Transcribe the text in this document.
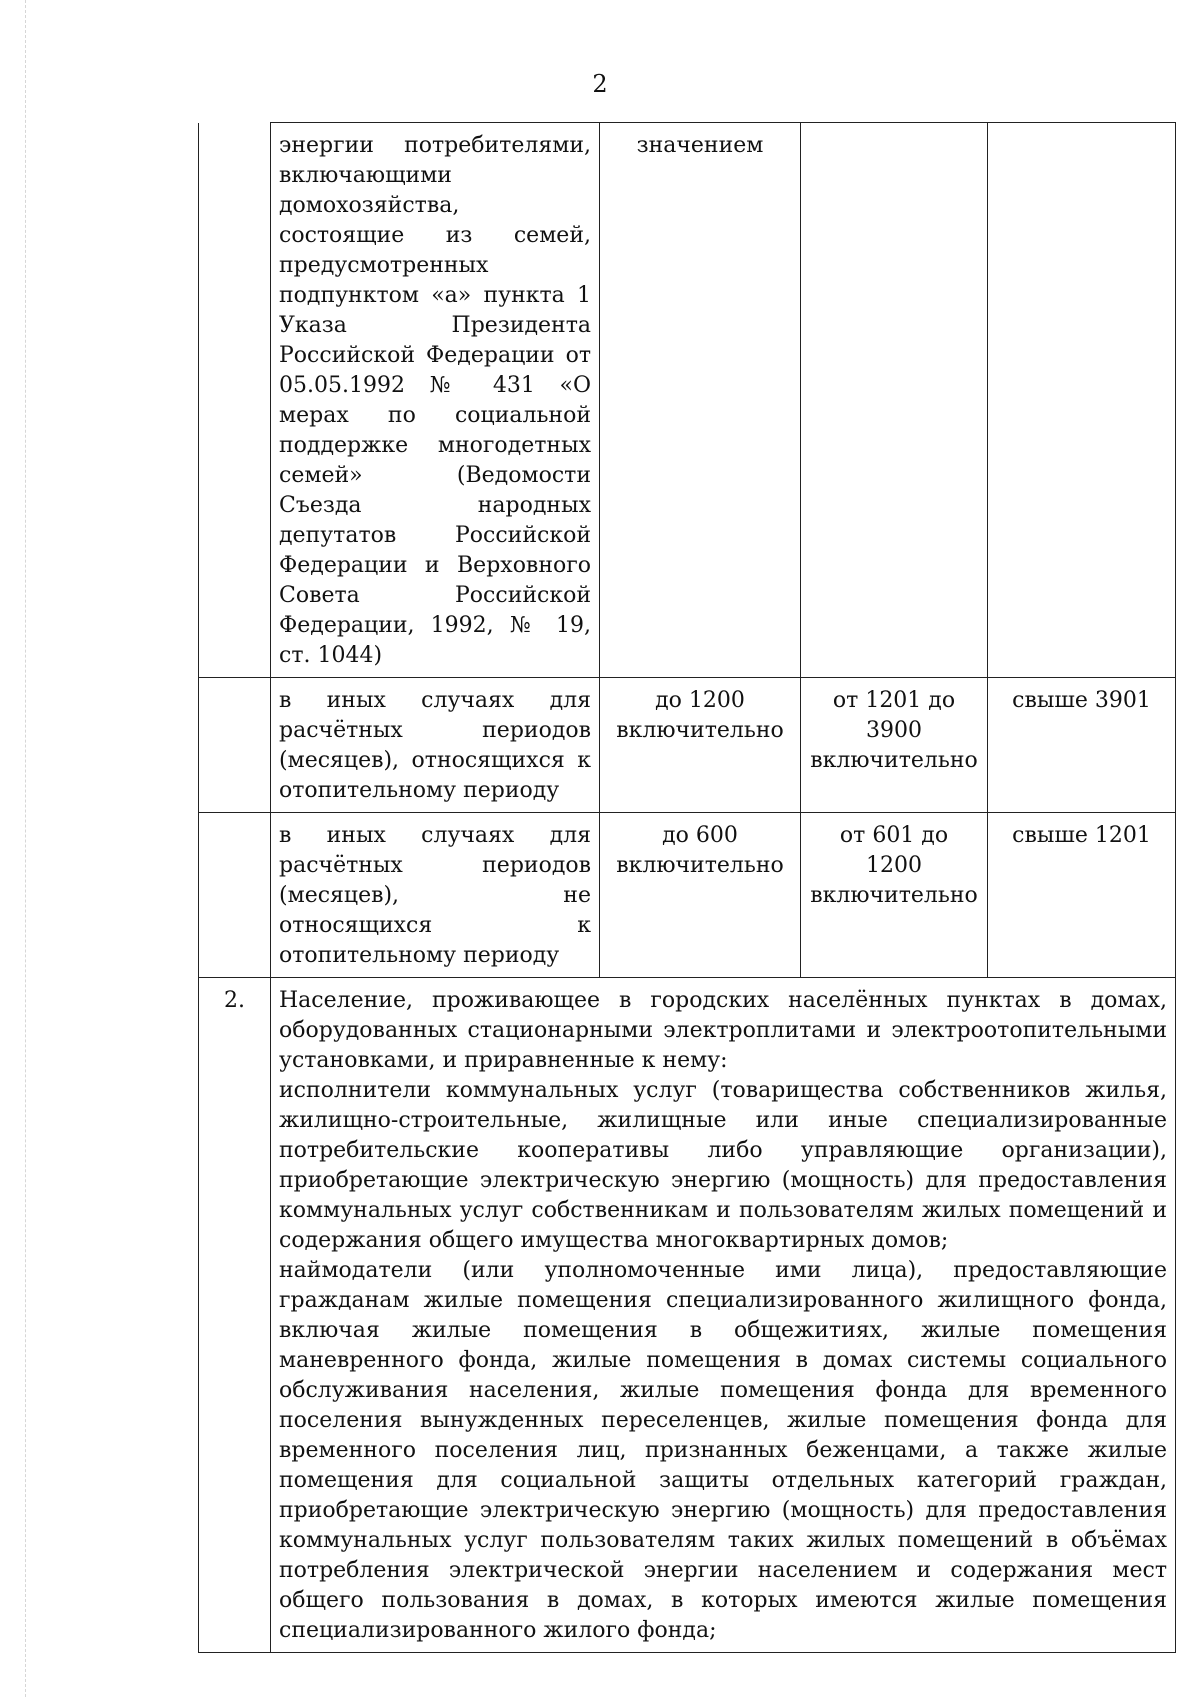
2
	энергии потребителями, включающими домохозяйства, состоящие из семей, предусмотренных подпунктом «а» пункта 1 Указа Президента Российской Федерации от 05.05.1992 № 431 «О мерах по социальной поддержке многодетных семей» (Ведомости Съезда народных депутатов Российской Федерации и Верховного Совета Российской Федерации, 1992, № 19, ст. 1044)	значением		
	в иных случаях для расчётных периодов (месяцев), относящихся к отопительному периоду	до 1200 включительно	от 1201 до 3900 включительно	свыше 3901
	в иных случаях для расчётных периодов (месяцев), не относящихся к отопительному периоду	до 600 включительно	от 601 до 1200 включительно	свыше 1201
2.	Население, проживающее в городских населённых пунктах в домах, оборудованных стационарными электроплитами и электроотопительными установками, и приравненные к нему:

исполнители коммунальных услуг (товарищества собственников жилья, жилищно-строительные, жилищные или иные специализированные потребительские кооперативы либо управляющие организации), приобретающие электрическую энергию (мощность) для предоставления коммунальных услуг собственникам и пользователям жилых помещений и содержания общего имущества многоквартирных домов;

наймодатели (или уполномоченные ими лица), предоставляющие гражданам жилые помещения специализированного жилищного фонда, включая жилые помещения в общежитиях, жилые помещения маневренного фонда, жилые помещения в домах системы социального обслуживания населения, жилые помещения фонда для временного поселения вынужденных переселенцев, жилые помещения фонда для временного поселения лиц, признанных беженцами, а также жилые помещения для социальной защиты отдельных категорий граждан, приобретающие электрическую энергию (мощность) для предоставления коммунальных услуг пользователям таких жилых помещений в объёмах потребления электрической энергии населением и содержания мест общего пользования в домах, в которых имеются жилые помещения специализированного жилого фонда;			
